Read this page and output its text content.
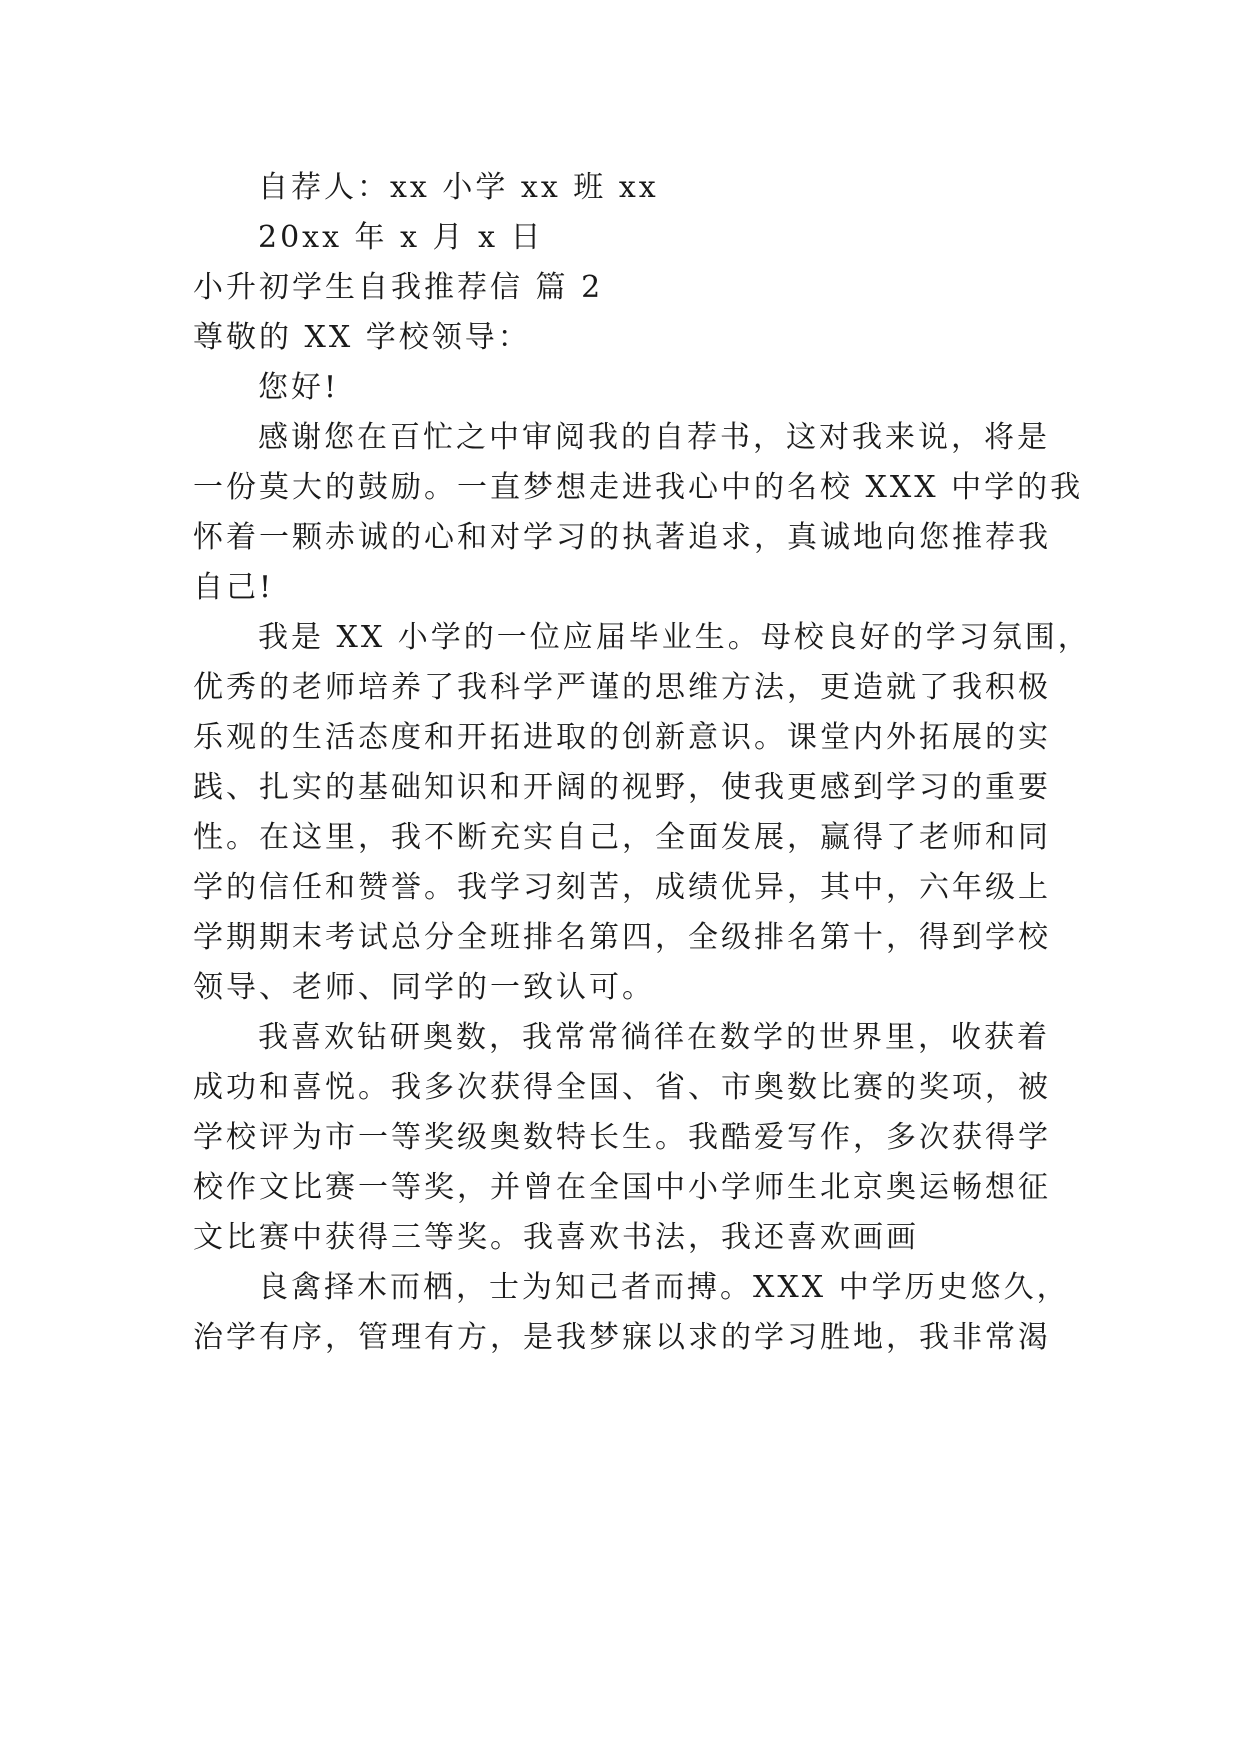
自荐人：xx 小学 xx 班 xx
20xx 年 x 月 x 日
小升初学生自我推荐信 篇 2
尊敬的 XX 学校领导：
您好!
感谢您在百忙之中审阅我的自荐书，这对我来说，将是
一份莫大的鼓励。一直梦想走进我心中的名校 XXX 中学的我
怀着一颗赤诚的心和对学习的执著追求，真诚地向您推荐我
自己!
我是 XX 小学的一位应届毕业生。母校良好的学习氛围，
优秀的老师培养了我科学严谨的思维方法，更造就了我积极
乐观的生活态度和开拓进取的创新意识。课堂内外拓展的实
践、扎实的基础知识和开阔的视野，使我更感到学习的重要
性。在这里，我不断充实自己，全面发展，赢得了老师和同
学的信任和赞誉。我学习刻苦，成绩优异，其中，六年级上
学期期末考试总分全班排名第四，全级排名第十，得到学校
领导、老师、同学的一致认可。
我喜欢钻研奥数，我常常徜徉在数学的世界里，收获着
成功和喜悦。我多次获得全国、省、市奥数比赛的奖项，被
学校评为市一等奖级奥数特长生。我酷爱写作，多次获得学
校作文比赛一等奖，并曾在全国中小学师生北京奥运畅想征
文比赛中获得三等奖。我喜欢书法，我还喜欢画画
良禽择木而栖，士为知己者而搏。XXX 中学历史悠久，
治学有序，管理有方，是我梦寐以求的学习胜地，我非常渴
